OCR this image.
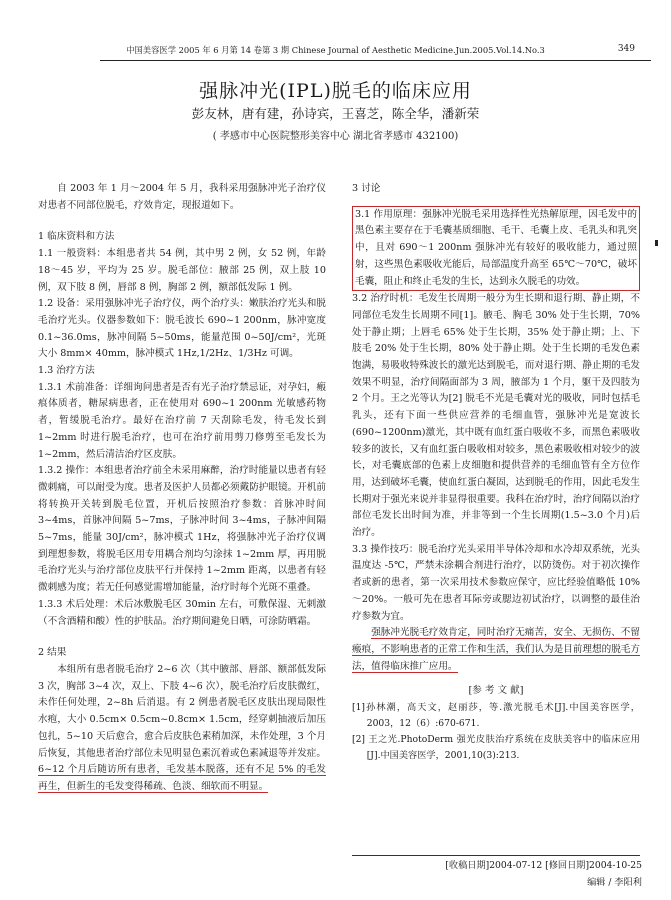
中国美容医学 2005 年 6 月第 14 卷第 3 期 Chinese Journal of Aesthetic Medicine.Jun.2005.Vol.14.No.3	349
强脉冲光(IPL)脱毛的临床应用
彭友林，唐有建，孙诗宾，王喜芝，陈全华，潘新荣
( 孝感市中心医院整形美容中心 湖北省孝感市 432100)

自 2003 年 1 月～2004 年 5 月，我科采用强脉冲光子治疗仪对患者不同部位脱毛，疗效肯定，现报道如下。

1 临床资料和方法

1.1 一般资料：本组患者共 54 例，其中男 2 例，女 52 例，年龄 18～45 岁，平均为 25 岁。脱毛部位：腋部 25 例，双上肢 10 例，双下肢 8 例，唇部 8 例，胸部 2 例，额部低发际 1 例。

1.2 设备：采用强脉冲光子治疗仪，两个治疗头：嫩肤治疗光头和脱毛治疗光头。仪器参数如下：脱毛波长 690~1 200nm，脉冲宽度 0.1~36.0ms，脉冲间隔 5~50ms，能量范围 0~50J/cm²，光斑大小 8mm× 40mm，脉冲模式 1Hz,1/2Hz、1/3Hz 可调。

1.3 治疗方法

1.3.1 术前准备：详细询问患者是否有光子治疗禁忌证，对孕妇，瘢痕体质者，糖尿病患者，正在使用对 690~1 200nm 光敏感药物者，暂缓脱毛治疗。最好在治疗前 7 天刮除毛发，待毛发长到 1~2mm 时进行脱毛治疗，也可在治疗前用剪刀修剪至毛发长为 1~2mm，然后清洁治疗区皮肤。

1.3.2 操作：本组患者治疗前全未采用麻醉，治疗时能量以患者有轻微刺痛，可以耐受为度。患者及医护人员都必须戴防护眼镜。开机前将转换开关转到脱毛位置，开机后按照治疗参数：首脉冲时间 3~4ms，首脉冲间隔 5~7ms，子脉冲时间 3~4ms，子脉冲间隔 5~7ms，能量 30J/cm²，脉冲模式 1Hz，将强脉冲光子治疗仪调到理想参数，将脱毛区用专用耦合剂均匀涂抹 1~2mm 厚，再用脱毛治疗光头与治疗部位皮肤平行并保持 1~2mm 距离，以患者有轻微刺感为度；若无任何感觉需增加能量，治疗时每个光斑不重叠。

1.3.3 术后处理：术后冰敷脱毛区 30min 左右，可敷保湿、无刺激（不含酒精和酸）性的护肤品。治疗期间避免日晒，可涂防晒霜。

2 结果

本组所有患者脱毛治疗 2~6 次（其中腋部、唇部、额部低发际 3 次，胸部 3~4 次，双上、下肢 4~6 次），脱毛治疗后皮肤微红，未作任何处理，2~8h 后消退。有 2 例患者脱毛区皮肤出现局限性水疱，大小 0.5cm× 0.5cm~0.8cm× 1.5cm，经穿刺抽液后加压包扎，5~10 天后愈合，愈合后皮肤色素稍加深，未作处理，3 个月后恢复，其他患者治疗部位未见明显色素沉着或色素减退等并发症。6~12 个月后随访所有患者，毛发基本脱落，还有不足 5% 的毛发再生，但新生的毛发变得稀疏、色淡、细软而不明显。

3 讨论

3.1 作用原理：强脉冲光脱毛采用选择性光热解原理，因毛发中的黑色素主要存在于毛囊基质细胞、毛干、毛囊上皮、毛乳头和乳突中，且对 690～1 200nm 强脉冲光有较好的吸收能力，通过照射，这些黑色素吸收光能后，局部温度升高至 65℃～70℃，破坏毛囊，阻止和终止毛发的生长，达到永久脱毛的功效。

3.2 治疗时机：毛发生长周期一般分为生长期和退行期、静止期，不同部位毛发生长周期不同[1]。腋毛、胸毛 30% 处于生长期，70% 处于静止期；上唇毛 65% 处于生长期，35% 处于静止期；上、下肢毛 20% 处于生长期，80% 处于静止期。处于生长期的毛发色素饱满，易吸收特殊波长的激光达到脱毛，而对退行期、静止期的毛发效果不明显，治疗间隔面部为 3 周，腋部为 1 个月，躯干及四肢为 2 个月。王之光等认为[2] 脱毛不光是毛囊对光的吸收，同时包括毛乳头，还有下面一些供应营养的毛细血管，强脉冲光是宽波长(690~1200nm)激光，其中既有血红蛋白吸收不多，而黑色素吸收较多的波长，又有血红蛋白吸收相对较多，黑色素吸收相对较少的波长，对毛囊底部的色素上皮细胞和提供营养的毛细血管有全方位作用，达到破坏毛囊，使血红蛋白凝固，达到脱毛的作用，因此毛发生长期对于强光来说并非显得很重要。我科在治疗时，治疗间隔以治疗部位毛发长出时间为准，并非等到一个生长周期(1.5~3.0 个月)后治疗。

3.3 操作技巧：脱毛治疗光头采用半导体冷却和水冷却双系统，光头温度达 -5℃，严禁未涂耦合剂进行治疗，以防烫伤。对于初次操作者或新的患者，第一次采用技术参数应保守，应比经验值略低 10%～20%。一般可先在患者耳际旁或腮边初试治疗，以调整的最佳治疗参数为宜。

强脉冲光脱毛疗效肯定，同时治疗无痛苦，安全、无损伤、不留瘢痕，不影响患者的正常工作和生活，我们认为是目前理想的脱毛方法，值得临床推广应用。

[参 考 文 献]

[1]孙林潮，高天文，赵丽莎，等.激光脱毛术[J].中国美容医学，2003，12（6）:670-671.

[2] 王之光.PhotoDerm 强光皮肤治疗系统在皮肤美容中的临床应用[J].中国美容医学，2001,10(3):213.

[收稿日期]2004-07-12 [修回日期]2004-10-25
编辑 / 李阳利
